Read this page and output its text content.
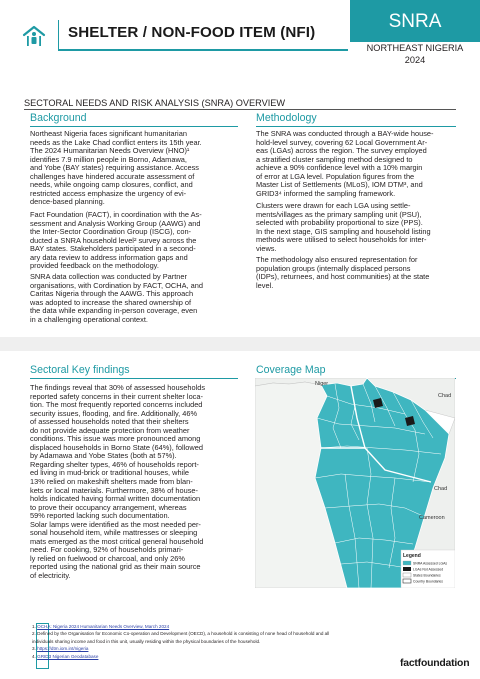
SHELTER / NON-FOOD ITEM (NFI)
SNRA
NORTHEAST NIGERIA
2024
SECTORAL NEEDS AND RISK ANALYSIS (SNRA) OVERVIEW
Background
Northeast Nigeria faces significant humanitarian
needs as the Lake Chad conflict enters its 15th year.
The 2024 Humanitarian Needs Overview (HNO)¹
identifies 7.9 million people in Borno, Adamawa,
and Yobe (BAY states) requiring assistance. Access
challenges have hindered accurate assessment of
needs, while ongoing camp closures, conflict, and
restricted access emphasize the urgency of evi-
dence-based planning.
Fact Foundation (FACT), in coordination with the As-
sessment and Analysis Working Group (AAWG) and
the Inter-Sector Coordination Group (ISCG), con-
ducted a SNRA household level² survey across the
BAY states. Stakeholders participated in a second-
ary data review to address information gaps and
provided feedback on the methodology.
SNRA data collection was conducted by Partner
organisations, with Cordination by FACT, OCHA, and
Caritas Nigeria through the AAWG. This approach
was adopted to increase the shared ownership of
the data while expanding in-person coverage, even
in a challenging operational context.
Methodology
The SNRA was conducted through a BAY-wide house-
hold-level survey, covering 62 Local Government Ar-
eas (LGAs) across the region. The survey employed
a stratified cluster sampling method designed to
achieve a 90% confidence level with a 10% margin
of error at LGA level. Population figures from the
Master List of Settlements (MLoS), IOM DTM³, and
GRID3⁴ informed the sampling framework.
Clusters were drawn for each LGA using settle-
ments/villages as the primary sampling unit (PSU),
selected with probability proportional to size (PPS).
In the next stage, GIS sampling and household listing
methods were utilised to select households for inter-
views.
The methodology also ensured representation for
population groups (internally displaced persons
(IDPs), returnees, and host communities) at the state
level.
Sectoral Key findings
The findings reveal that 30% of assessed households
reported safety concerns in their current shelter loca-
tion. The most frequently reported concerns included
security issues, flooding, and fire. Additionally, 46%
of assessed households noted that their shelters
do not provide adequate protection from weather
conditions. This issue was more pronounced among
displaced households in Borno State (64%), followed
by Adamawa and Yobe States (both at 57%).
Regarding shelter types, 46% of households report-
ed living in mud-brick or traditional houses, while
13% relied on makeshift shelters made from blan-
kets or local materials. Furthermore, 38% of house-
holds indicated having formal written documentation
to prove their occupancy arrangement, whereas
59% reported lacking such documentation.
Solar lamps were identified as the most needed per-
sonal household item, while mattresses or sleeping
mats emerged as the most critical general household
need. For cooking, 92% of households primari-
ly relied on fuelwood or charcoal, and only 26%
reported using the national grid as their main source
of electricity.
Coverage Map
Niger
Chad
Chad
Cameroon
Legend
SNRA Assessed LGAs
LGAs Not Assessed
States Boundaries
Country Boundaries
1. OCHA: Nigeria 2024 Humanitarian Needs Overview, March 2024
2. Defined by the Organisation for Economic Co-operation and Development (OECD), a household is consisting of none head of household and all
individuals sharing income and food in this unit, usually residing within the physical boundaries of the household.
3. https://dtm.iom.int/nigeria
4. GRID3 Nigerian Geodatabase
factfoundation
